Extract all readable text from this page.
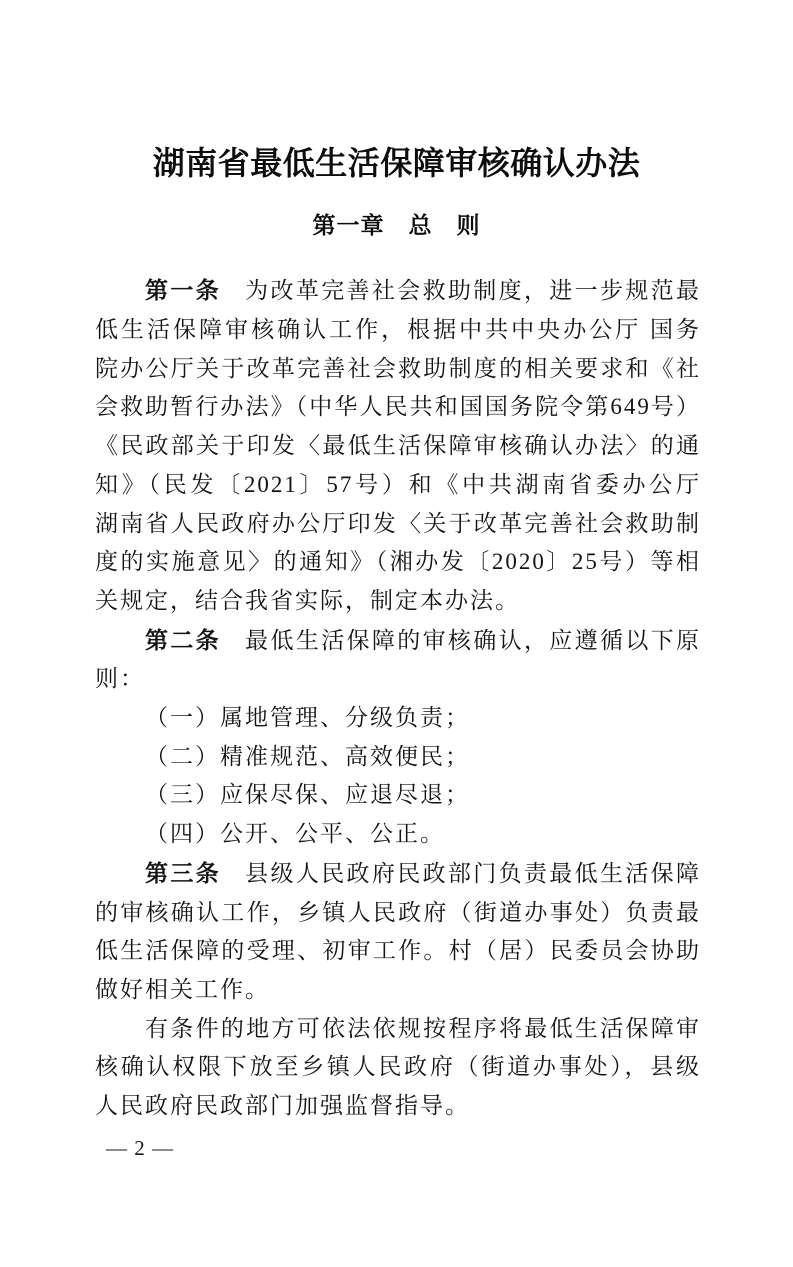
湖南省最低生活保障审核确认办法
第一章　总　则

第一条 为改革完善社会救助制度，进一步规范最低生活保障审核确认工作，根据中共中央办公厅 国务院办公厅关于改革完善社会救助制度的相关要求和《社会救助暂行办法》（中华人民共和国国务院令第649号）《民政部关于印发〈最低生活保障审核确认办法〉的通知》（民发〔2021〕57号）和《中共湖南省委办公厅　湖南省人民政府办公厅印发〈关于改革完善社会救助制度的实施意见〉的通知》（湘办发〔2020〕25号）等相关规定，结合我省实际，制定本办法。

第二条 最低生活保障的审核确认，应遵循以下原则：

（一）属地管理、分级负责；

（二）精准规范、高效便民；

（三）应保尽保、应退尽退；

（四）公开、公平、公正。

第三条 县级人民政府民政部门负责最低生活保障的审核确认工作，乡镇人民政府（街道办事处）负责最低生活保障的受理、初审工作。村（居）民委员会协助做好相关工作。

有条件的地方可依法依规按程序将最低生活保障审核确认权限下放至乡镇人民政府（街道办事处），县级人民政府民政部门加强监督指导。

— 2 —
